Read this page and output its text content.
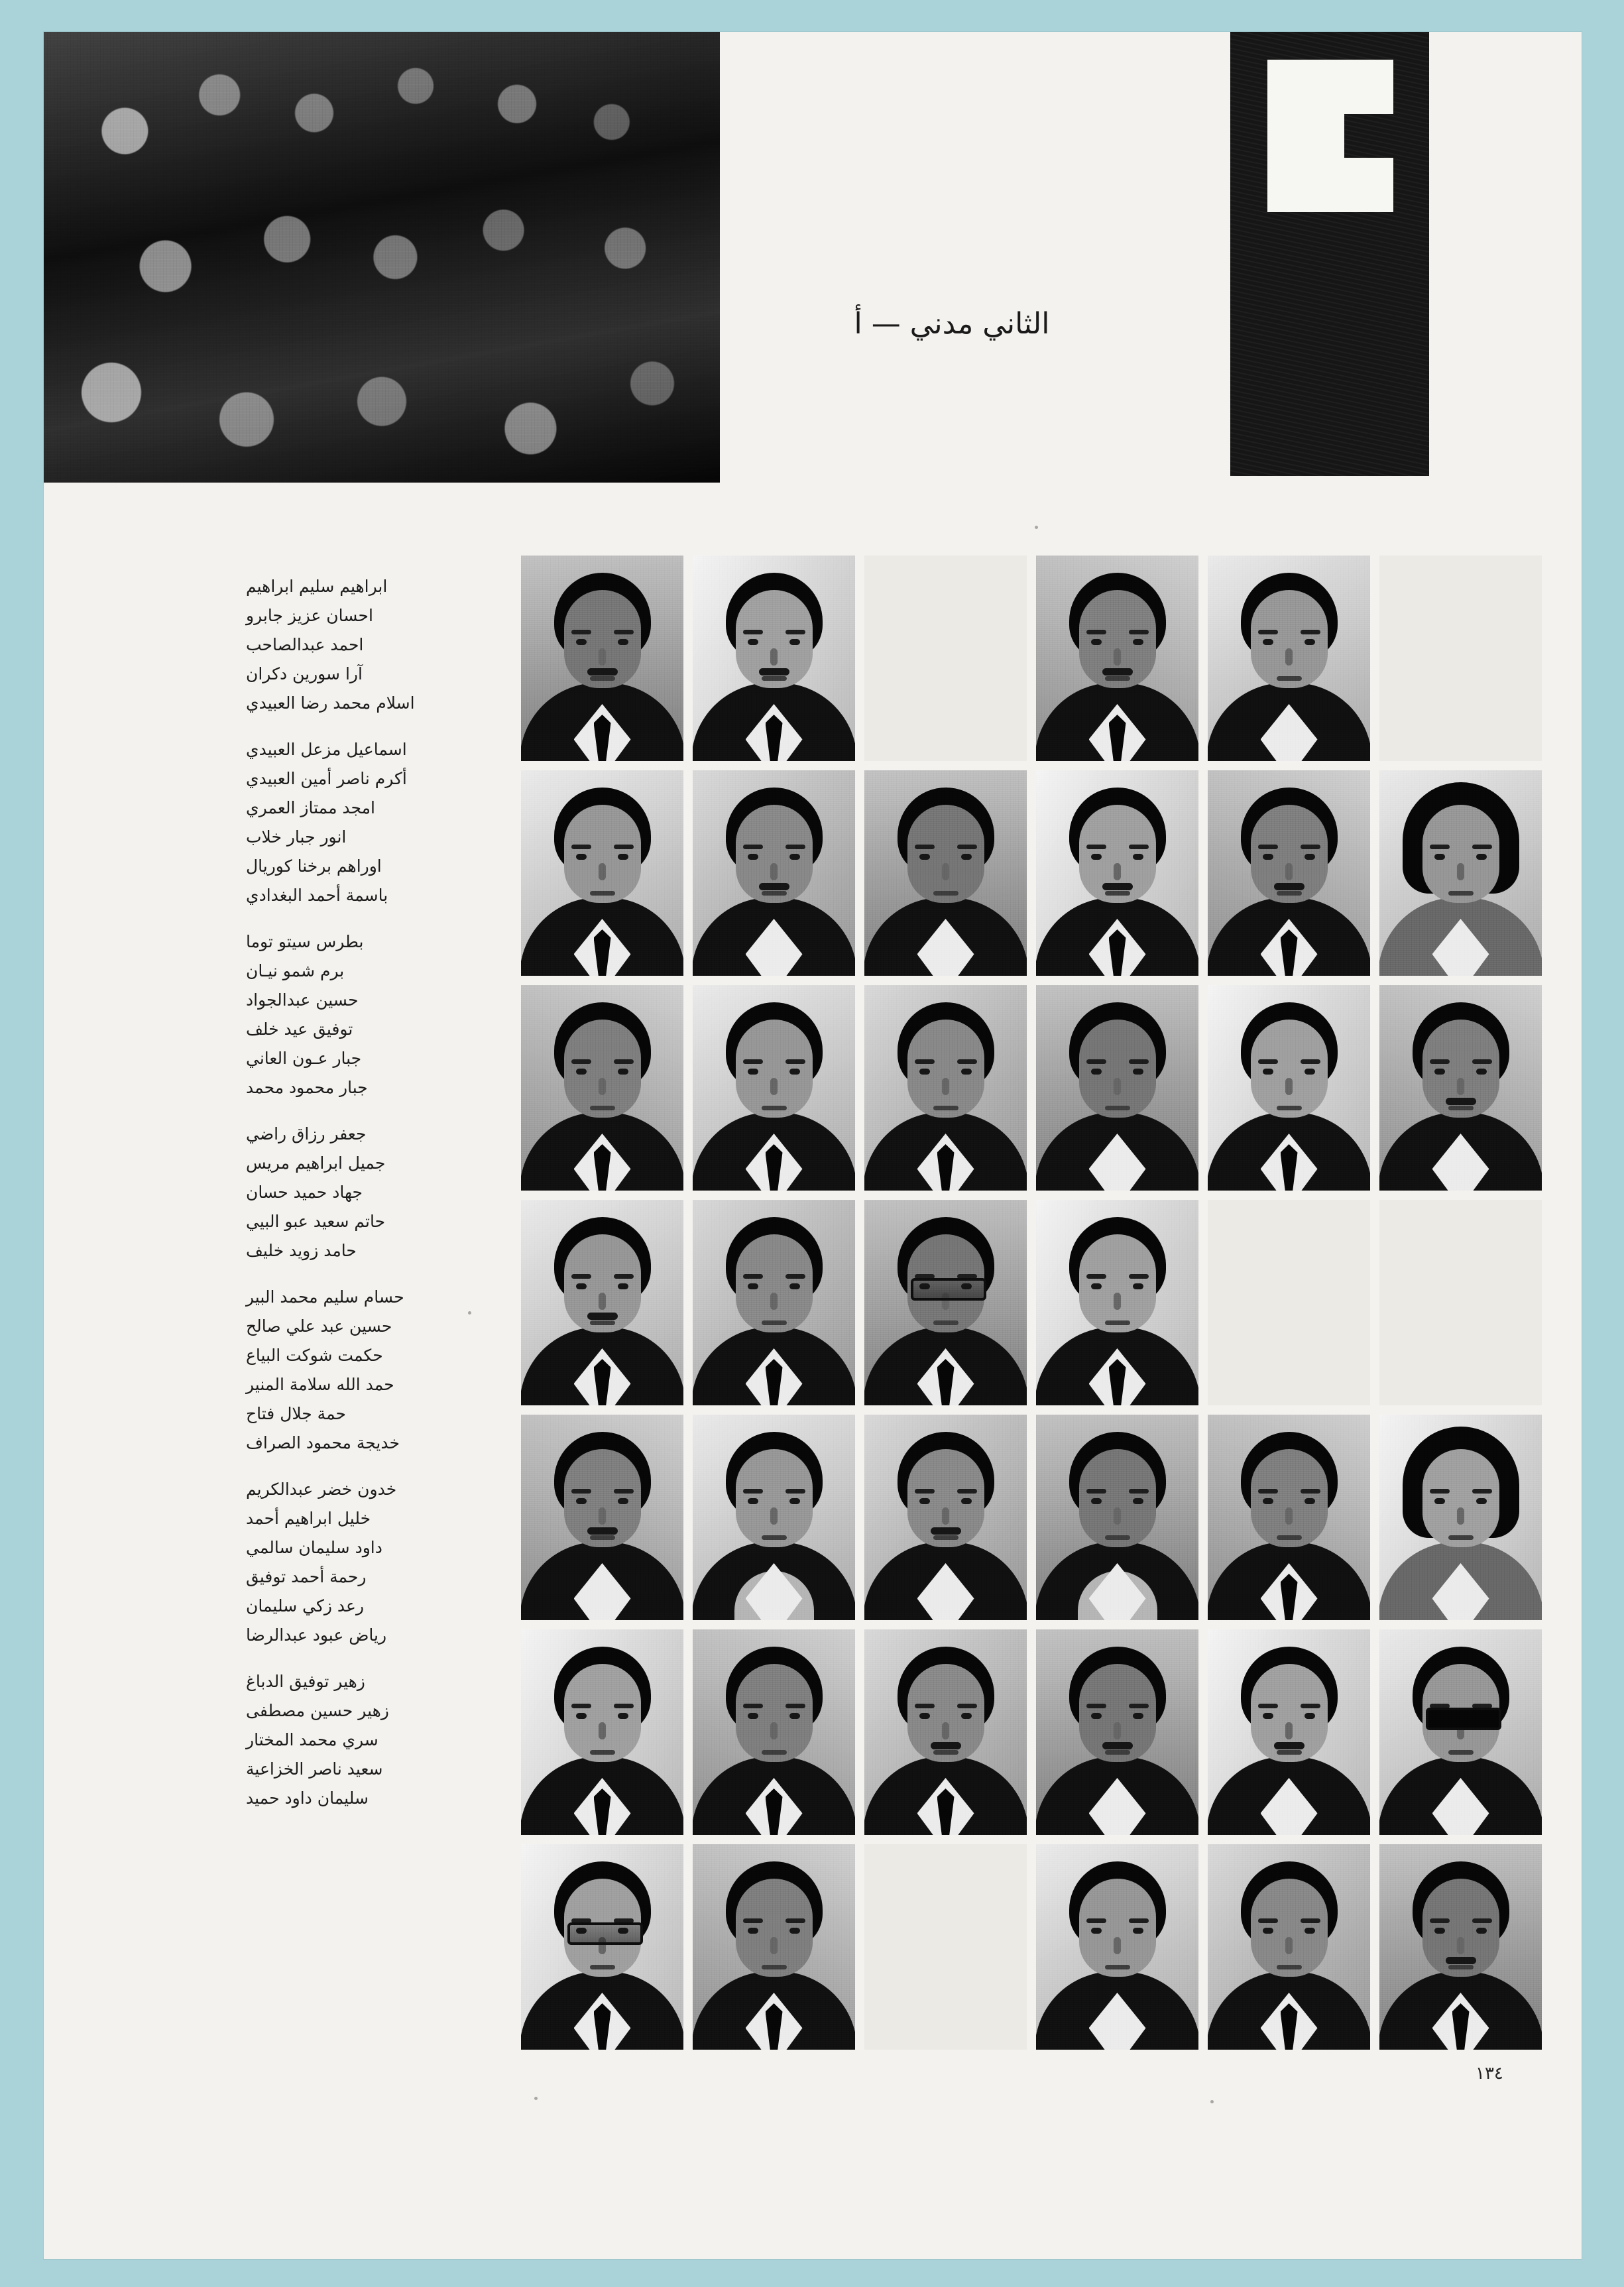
الثاني مدني — أ
ابراهيم سليم ابراهيم
احسان عزيز جابرو
احمد عبدالصاحب
آرا سورين دكران
اسلام محمد رضا العبيدي
اسماعيل مزعل العبيدي
أكرم ناصر أمين العبيدي
امجد ممتاز العمري
انور جبار خلاب
اوراهم برخنا كوريال
باسمة أحمد البغدادي
بطرس سيتو توما
برم شمو نيـان
حسين عبدالجواد
توفيق عيد خلف
جبار عـون العاني
جبار محمود محمد
جعفر رزاق راضي
جميل ابراهيم مريس
جهاد حميد حسان
حاتم سعيد عبو البيي
حامد زويد خليف
حسام سليم محمد البير
حسين عبد علي صالح
حكمت شوكت البياع
حمد الله سلامة المنير
حمة جلال فتاح
خديجة محمود الصراف
خدون خضر عبدالكريم
خليل ابراهيم أحمد
داود سليمان سالمي
رحمة أحمد توفيق
رعد زكي سليمان
رياض عبود عبدالرضا
زهير توفيق الدباغ
زهير حسين مصطفى
سري محمد المختار
سعيد ناصر الخزاعية
سليمان داود حميد
١٣٤
